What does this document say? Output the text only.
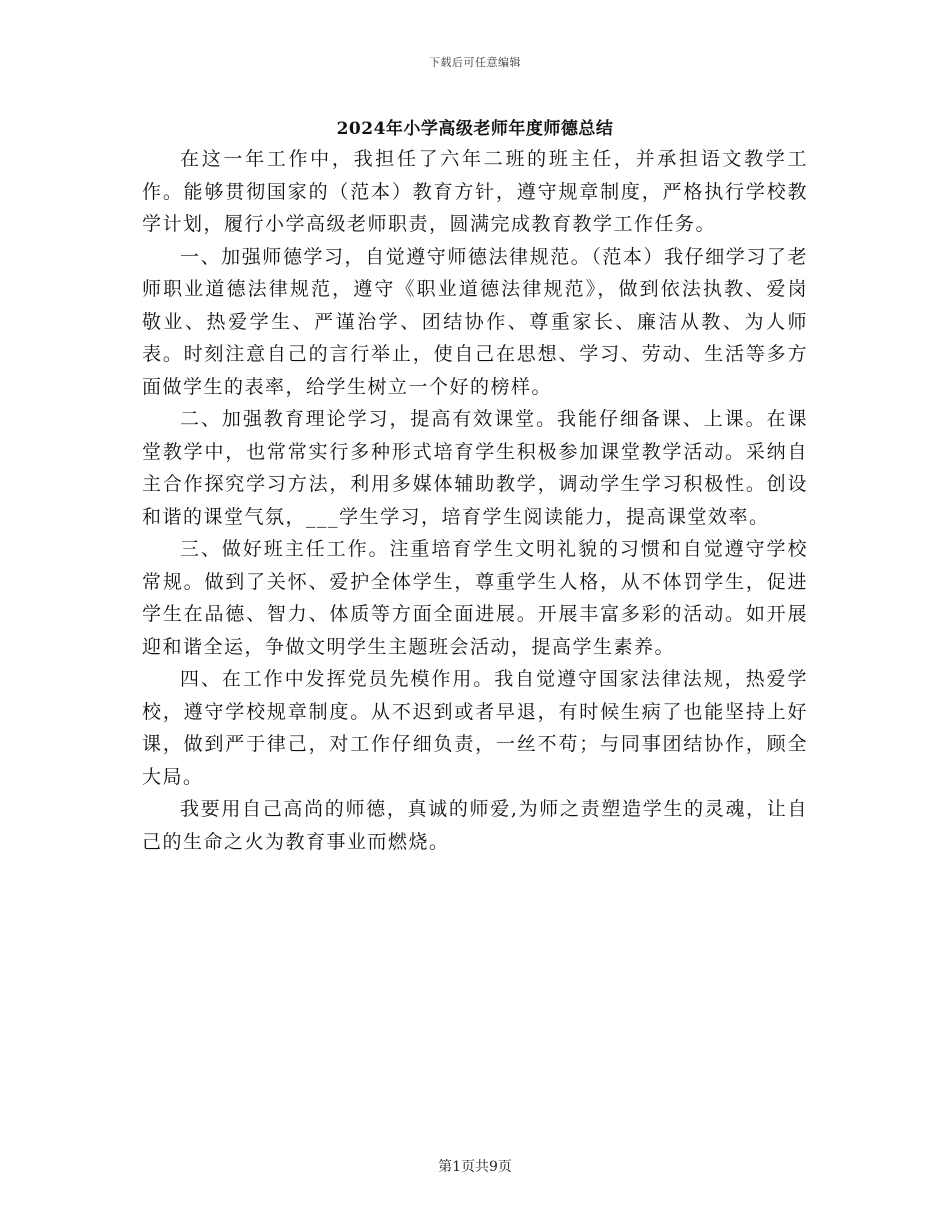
下载后可任意编辑
2024年小学高级老师年度师德总结

在这一年工作中，我担任了六年二班的班主任，并承担语文教学工作。能够贯彻国家的（范本）教育方针，遵守规章制度，严格执行学校教学计划，履行小学高级老师职责，圆满完成教育教学工作任务。

一、加强师德学习，自觉遵守师德法律规范。（范本）我仔细学习了老师职业道德法律规范，遵守《职业道德法律规范》，做到依法执教、爱岗敬业、热爱学生、严谨治学、团结协作、尊重家长、廉洁从教、为人师表。时刻注意自己的言行举止，使自己在思想、学习、劳动、生活等多方面做学生的表率，给学生树立一个好的榜样。

二、加强教育理论学习，提高有效课堂。我能仔细备课、上课。在课堂教学中，也常常实行多种形式培育学生积极参加课堂教学活动。采纳自主合作探究学习方法，利用多媒体辅助教学，调动学生学习积极性。创设和谐的课堂气氛，___学生学习，培育学生阅读能力，提高课堂效率。

三、做好班主任工作。注重培育学生文明礼貌的习惯和自觉遵守学校常规。做到了关怀、爱护全体学生，尊重学生人格，从不体罚学生，促进学生在品德、智力、体质等方面全面进展。开展丰富多彩的活动。如开展迎和谐全运，争做文明学生主题班会活动，提高学生素养。

四、在工作中发挥党员先模作用。我自觉遵守国家法律法规，热爱学校，遵守学校规章制度。从不迟到或者早退，有时候生病了也能坚持上好课，做到严于律己，对工作仔细负责，一丝不苟；与同事团结协作，顾全大局。

我要用自己高尚的师德，真诚的师爱,为师之责塑造学生的灵魂，让自己的生命之火为教育事业而燃烧。

第1页共9页
